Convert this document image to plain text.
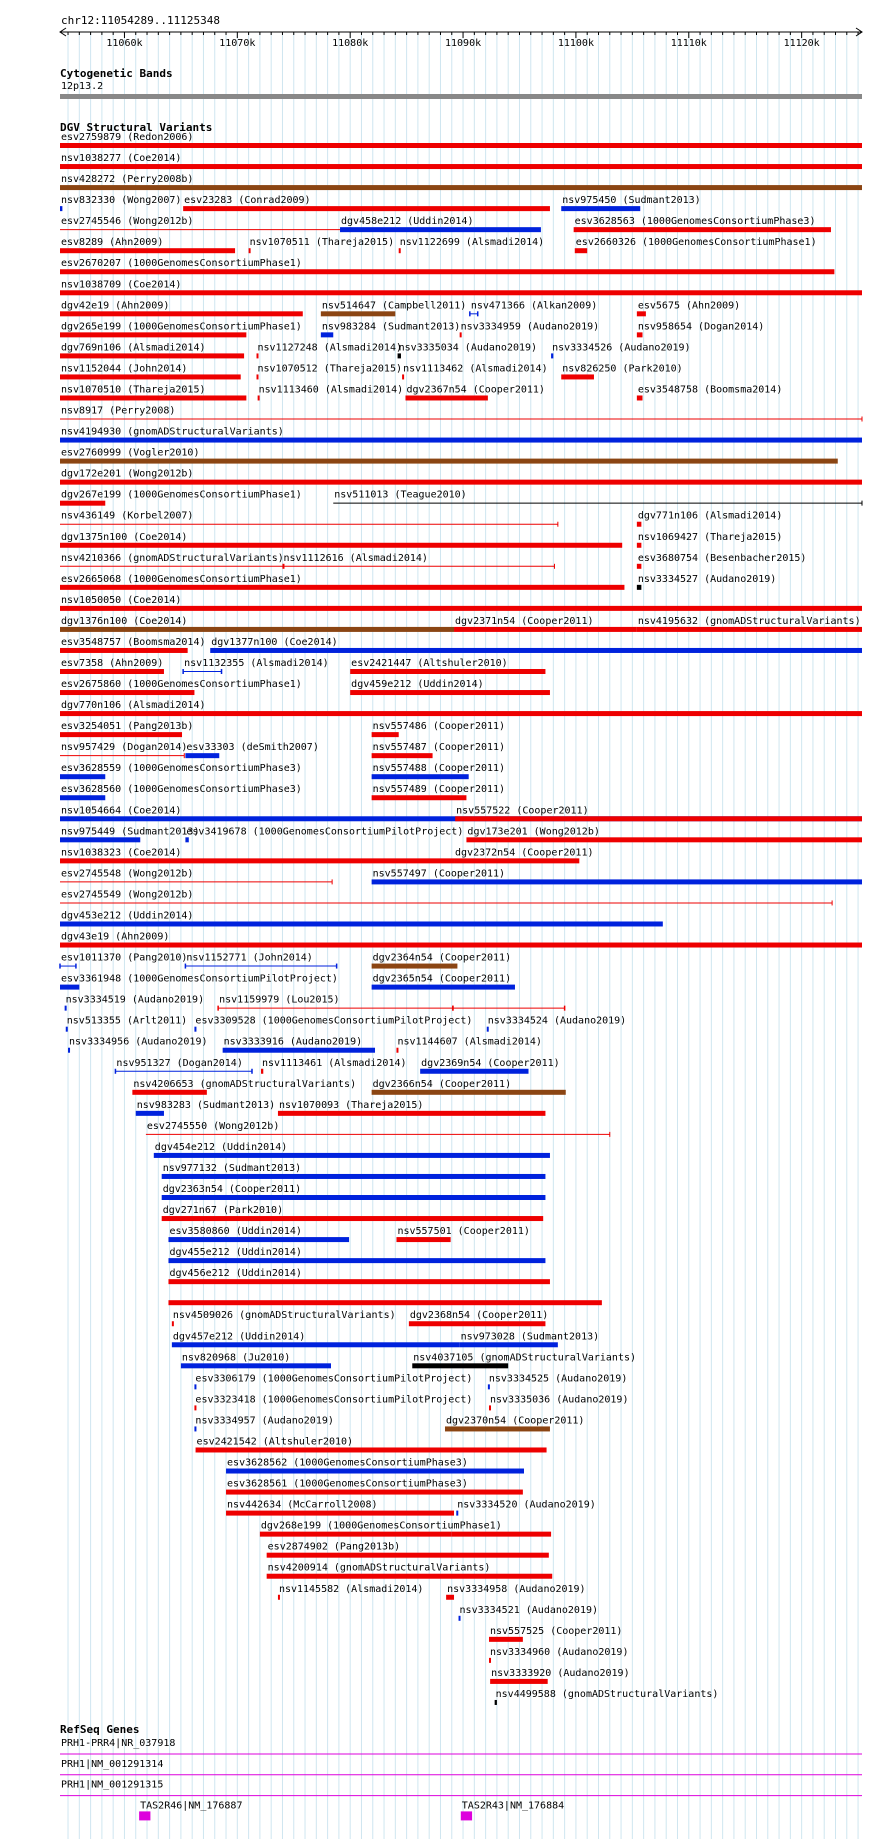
chr12:11054289..11125348
11060k	11070k	11080k	11090k	11100k	11110k	11120k
Cytogenetic Bands
12p13.2
DGV Structural Variants
esv2759879 (Redon2006)
nsv1038277 (Coe2014)
nsv428272 (Perry2008b)
nsv832330 (Wong2007) esv23283 (Conrad2009)	nsv975450 (Sudmant2013)
esv2745546 (Wong2012b)	dgv458e212 (Uddin2014)	esv3628563 (1000GenomesConsortiumPhase3)
esv8289 (Ahn2009)	nsv1070511 (Thareja2015) nsv1122699 (Alsmadi2014)	esv2660326 (1000GenomesConsortiumPhase1)
esv2670207 (1000GenomesConsortiumPhase1)
nsv1038709 (Coe2014)
dgv42e19 (Ahn2009)	nsv514647 (Campbell2011) nsv471366 (Alkan2009)	esv5675 (Ahn2009)
dgv265e199 (1000GenomesConsortiumPhase1) nsv983284 (Sudmant2013) nsv3334959 (Audano2019)	nsv958654 (Dogan2014)
dgv769n106 (Alsmadi2014)	nsv1127248 (Alsmadi2014)
nsv3335034 (Audano2019) nsv3334526 (Audano2019)
nsv1152044 (John2014)	nsv1070512 (Thareja2015) nsv1113462 (Alsmadi2014) nsv826250 (Park2010)
nsv1070510 (Thareja2015)	nsv1113460 (Alsmadi2014) dgv2367n54 (Cooper2011)	esv3548758 (Boomsma2014)
nsv8917 (Perry2008)
nsv4194930 (gnomADStructuralVariants)
esv2760999 (Vogler2010)
dgv172e201 (Wong2012b)
dgv267e199 (1000GenomesConsortiumPhase1)	nsv511013 (Teague2010)
nsv436149 (Korbel2007)	dgv771n106 (Alsmadi2014)
dgv1375n100 (Coe2014)	nsv1069427 (Thareja2015)
nsv4210366 (gnomADStructuralVariants) nsv1112616 (Alsmadi2014)	esv3680754 (Besenbacher2015)
esv2665068 (1000GenomesConsortiumPhase1)	nsv3334527 (Audano2019)
nsv1050050 (Coe2014)
dgv1376n100 (Coe2014)	dgv2371n54 (Cooper2011)	nsv4195632 (gnomADStructuralVariants)
esv3548757 (Boomsma2014) dgv1377n100 (Coe2014)
esv7358 (Ahn2009) nsv1132355 (Alsmadi2014) esv2421447 (Altshuler2010)
esv2675860 (1000GenomesConsortiumPhase1)	dgv459e212 (Uddin2014)
dgv770n106 (Alsmadi2014)
esv3254051 (Pang2013b)	nsv557486 (Cooper2011)
nsv957429 (Dogan2014)
esv33303 (deSmith2007)	nsv557487 (Cooper2011)
esv3628559 (1000GenomesConsortiumPhase3)	nsv557488 (Cooper2011)
esv3628560 (1000GenomesConsortiumPhase3)	nsv557489 (Cooper2011)
nsv1054664 (Coe2014)	nsv557522 (Cooper2011)
nsv975449 (Sudmant2013)
esv3419678 (1000GenomesConsortiumPilotProject) dgv173e201 (Wong2012b)
nsv1038323 (Coe2014)	dgv2372n54 (Cooper2011)
esv2745548 (Wong2012b)	nsv557497 (Cooper2011)
esv2745549 (Wong2012b)
dgv453e212 (Uddin2014)
dgv43e19 (Ahn2009)
esv1011370 (Pang2010)
nsv1152771 (John2014)	dgv2364n54 (Cooper2011)
esv3361948 (1000GenomesConsortiumPilotProject)	dgv2365n54 (Cooper2011)
nsv3334519 (Audano2019) nsv1159979 (Lou2015)
nsv513355 (Arlt2011) esv3309528 (1000GenomesConsortiumPilotProject) nsv3334524 (Audano2019)
nsv3334956 (Audano2019) nsv3333916 (Audano2019)	nsv1144607 (Alsmadi2014)
nsv951327 (Dogan2014) nsv1113461 (Alsmadi2014) dgv2369n54 (Cooper2011)
nsv4206653 (gnomADStructuralVariants) dgv2366n54 (Cooper2011)
nsv983283 (Sudmant2013) nsv1070093 (Thareja2015)
esv2745550 (Wong2012b)
dgv454e212 (Uddin2014)
nsv977132 (Sudmant2013)
dgv2363n54 (Cooper2011)
dgv271n67 (Park2010)
esv3580860 (Uddin2014)	nsv557501 (Cooper2011)
dgv455e212 (Uddin2014)
dgv456e212 (Uddin2014)
nsv4509026 (gnomADStructuralVariants) dgv2368n54 (Cooper2011)
dgv457e212 (Uddin2014)	nsv973028 (Sudmant2013)
nsv820968 (Ju2010)	nsv4037105 (gnomADStructuralVariants)
esv3306179 (1000GenomesConsortiumPilotProject) nsv3334525 (Audano2019)
esv3323418 (1000GenomesConsortiumPilotProject) nsv3335036 (Audano2019)
nsv3334957 (Audano2019)	dgv2370n54 (Cooper2011)
esv2421542 (Altshuler2010)
esv3628562 (1000GenomesConsortiumPhase3)
esv3628561 (1000GenomesConsortiumPhase3)
nsv442634 (McCarroll2008)	nsv3334520 (Audano2019)
dgv268e199 (1000GenomesConsortiumPhase1)
esv2874902 (Pang2013b)
nsv4200914 (gnomADStructuralVariants)
nsv1145582 (Alsmadi2014) nsv3334958 (Audano2019)
nsv3334521 (Audano2019)
nsv557525 (Cooper2011)
nsv3334960 (Audano2019)
nsv3333920 (Audano2019)
nsv4499588 (gnomADStructuralVariants)
RefSeq Genes
PRH1-PRR4|NR_037918
PRH1|NM_001291314
PRH1|NM_001291315
TAS2R46|NM_176887	TAS2R43|NM_176884
